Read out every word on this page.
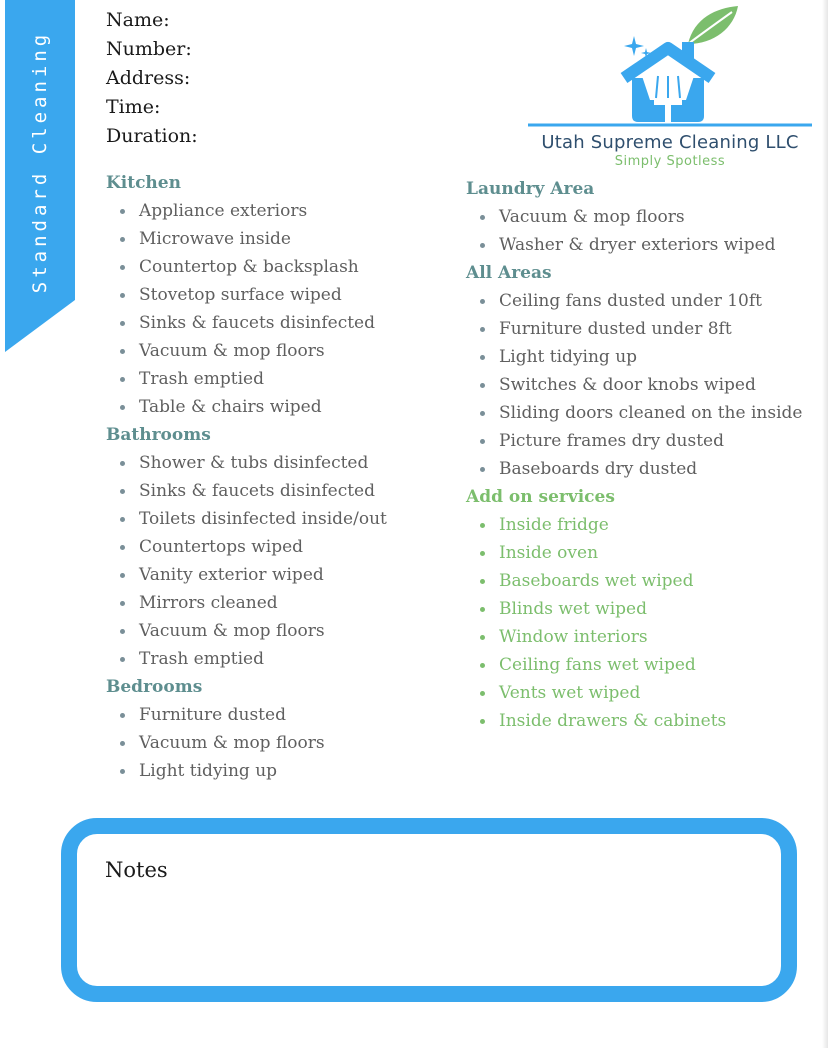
Standard Cleaning
Name:
Number:
Address:
Time:
Duration:	Utah Supreme Cleaning LLC
Simply Spotless
Kitchen
Appliance exteriors
Microwave inside
Countertop & backsplash
Stovetop surface wiped
Sinks & faucets disinfected
Vacuum & mop floors
Trash emptied
Table & chairs wiped
Bathrooms
Shower & tubs disinfected
Sinks & faucets disinfected
Toilets disinfected inside/out
Countertops wiped
Vanity exterior wiped
Mirrors cleaned
Vacuum & mop floors
Trash emptied
Bedrooms
Furniture dusted
Vacuum & mop floors
Light tidying up
Laundry Area
Vacuum & mop floors
Washer & dryer exteriors wiped
All Areas
Ceiling fans dusted under 10ft
Furniture dusted under 8ft
Light tidying up
Switches & door knobs wiped
Sliding doors cleaned on the inside
Picture frames dry dusted
Baseboards dry dusted
Add on services
Inside fridge
Inside oven
Baseboards wet wiped
Blinds wet wiped
Window interiors
Ceiling fans wet wiped
Vents wet wiped
Inside drawers & cabinets
Notes
